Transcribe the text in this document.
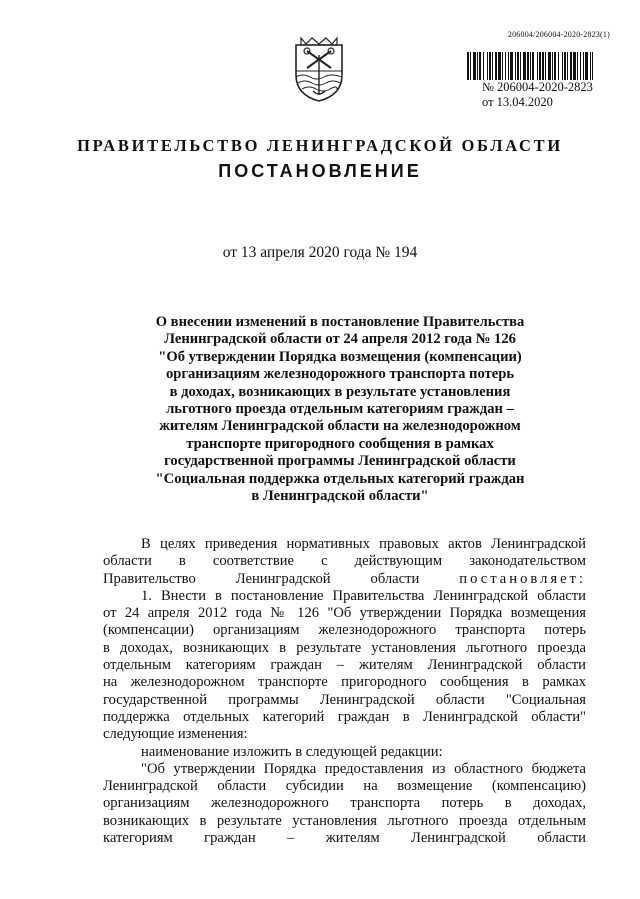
206004/206004-2020-2823(1)
№ 206004-2020-2823
от 13.04.2020
ПРАВИТЕЛЬСТВО ЛЕНИНГРАДСКОЙ ОБЛАСТИ
ПОСТАНОВЛЕНИЕ
от 13 апреля 2020 года № 194
О внесении изменений в постановление Правительства
Ленинградской области от 24 апреля 2012 года № 126
"Об утверждении Порядка возмещения (компенсации)
организациям железнодорожного транспорта потерь
в доходах, возникающих в результате установления
льготного проезда отдельным категориям граждан –
жителям Ленинградской области на железнодорожном
транспорте пригородного сообщения в рамках
государственной программы Ленинградской области
"Социальная поддержка отдельных категорий граждан
в Ленинградской области"
В целях приведения нормативных правовых актов Ленинградской
области в соответствие с действующим законодательством
Правительство Ленинградской области	постановляет:
1. Внести в постановление Правительства Ленинградской области
от 24 апреля 2012 года № 126 "Об утверждении Порядка возмещения
(компенсации) организациям железнодорожного транспорта потерь
в доходах, возникающих в результате установления льготного проезда
отдельным категориям граждан – жителям Ленинградской области
на железнодорожном транспорте пригородного сообщения в рамках
государственной программы Ленинградской области "Социальная
поддержка отдельных категорий граждан в Ленинградской области"
следующие изменения:
наименование изложить в следующей редакции:
"Об утверждении Порядка предоставления из областного бюджета
Ленинградской области субсидии на возмещение (компенсацию)
организациям железнодорожного транспорта потерь в доходах,
возникающих в результате установления льготного проезда отдельным
категориям граждан – жителям Ленинградской области
